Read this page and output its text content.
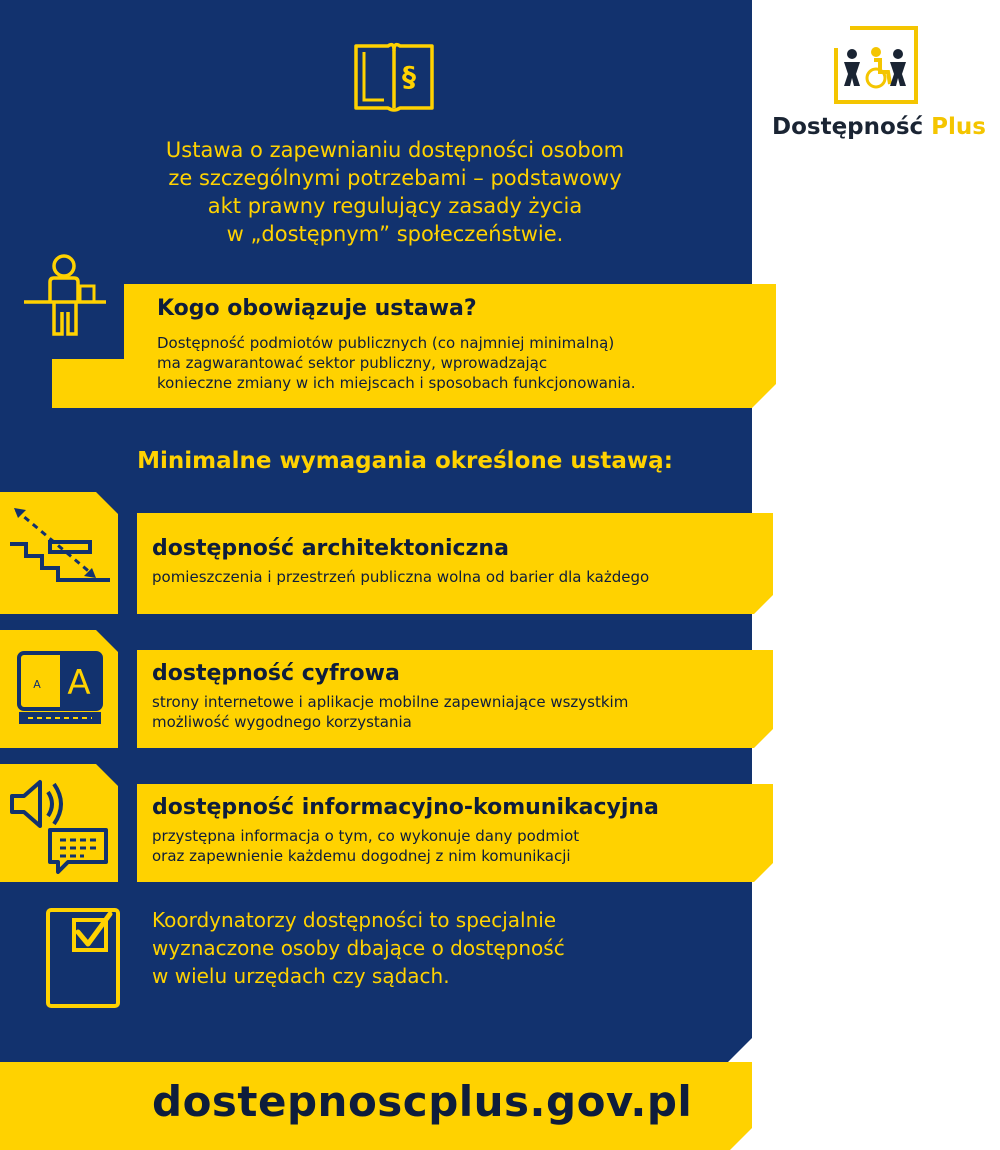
§
Ustawa o zapewnianiu dostępności osobom
ze szczególnymi potrzebami – podstawowy
akt prawny regulujący zasady życia
w „dostępnym” społeczeństwie.
Kogo obowiązuje ustawa?
Dostępność podmiotów publicznych (co najmniej minimalną)
ma zagwarantować sektor publiczny, wprowadzając
konieczne zmiany w ich miejscach i sposobach funkcjonowania.
Minimalne wymagania określone ustawą:
dostępność architektoniczna
pomieszczenia i przestrzeń publiczna wolna od barier dla każdego
A A	dostępność cyfrowa
strony internetowe i aplikacje mobilne zapewniające wszystkim
możliwość wygodnego korzystania
dostępność informacyjno-komunikacyjna
przystępna informacja o tym, co wykonuje dany podmiot
oraz zapewnienie każdemu dogodnej z nim komunikacji
Koordynatorzy dostępności to specjalnie
wyznaczone osoby dbające o dostępność
w wielu urzędach czy sądach.
dostepnoscplus.gov.pl
Dostępność Plus
